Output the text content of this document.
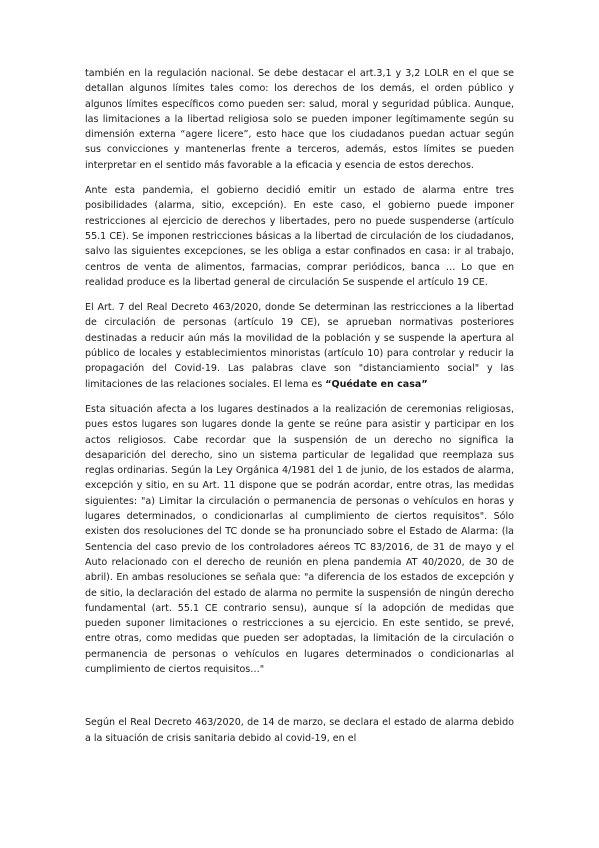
también en la regulación nacional. Se debe destacar el art.3,1 y 3,2 LOLR en el que se detallan algunos límites tales como: los derechos de los demás, el orden público y algunos límites específicos como pueden ser: salud, moral y seguridad pública. Aunque, las limitaciones a la libertad religiosa solo se pueden imponer legítimamente según su dimensión externa “agere licere”, esto hace que los ciudadanos puedan actuar según sus convicciones y mantenerlas frente a terceros, además, estos límites se pueden interpretar en el sentido más favorable a la eficacia y esencia de estos derechos.

Ante esta pandemia, el gobierno decidió emitir un estado de alarma entre tres posibilidades (alarma, sitio, excepción). En este caso, el gobierno puede imponer restricciones al ejercicio de derechos y libertades, pero no puede suspenderse (artículo 55.1 CE). Se imponen restricciones básicas a la libertad de circulación de los ciudadanos, salvo las siguientes excepciones, se les obliga a estar confinados en casa: ir al trabajo, centros de venta de alimentos, farmacias, comprar periódicos, banca … Lo que en realidad produce es la libertad general de circulación Se suspende el artículo 19 CE.

El Art. 7 del Real Decreto 463/2020, donde Se determinan las restricciones a la libertad de circulación de personas (artículo 19 CE), se aprueban normativas posteriores destinadas a reducir aún más la movilidad de la población y se suspende la apertura al público de locales y establecimientos minoristas (artículo 10) para controlar y reducir la propagación del Covid-19. Las palabras clave son "distanciamiento social" y las limitaciones de las relaciones sociales. El lema es “Quédate en casa”

Esta situación afecta a los lugares destinados a la realización de ceremonias religiosas, pues estos lugares son lugares donde la gente se reúne para asistir y participar en los actos religiosos. Cabe recordar que la suspensión de un derecho no significa la desaparición del derecho, sino un sistema particular de legalidad que reemplaza sus reglas ordinarias. Según la Ley Orgánica 4/1981 del 1 de junio, de los estados de alarma, excepción y sitio, en su Art. 11 dispone que se podrán acordar, entre otras, las medidas siguientes: "a) Limitar la circulación o permanencia de personas o vehículos en horas y lugares determinados, o condicionarlas al cumplimiento de ciertos requisitos". Sólo existen dos resoluciones del TC donde se ha pronunciado sobre el Estado de Alarma: (la Sentencia del caso previo de los controladores aéreos TC 83/2016, de 31 de mayo y el Auto relacionado con el derecho de reunión en plena pandemia AT 40/2020, de 30 de abril). En ambas resoluciones se señala que: "a diferencia de los estados de excepción y de sitio, la declaración del estado de alarma no permite la suspensión de ningún derecho fundamental (art. 55.1 CE contrario sensu), aunque sí la adopción de medidas que pueden suponer limitaciones o restricciones a su ejercicio. En este sentido, se prevé, entre otras, como medidas que pueden ser adoptadas, la limitación de la circulación o permanencia de personas o vehículos en lugares determinados o condicionarlas al cumplimiento de ciertos requisitos…"

Según el Real Decreto 463/2020, de 14 de marzo, se declara el estado de alarma debido a la situación de crisis sanitaria debido al covid-19, en el
